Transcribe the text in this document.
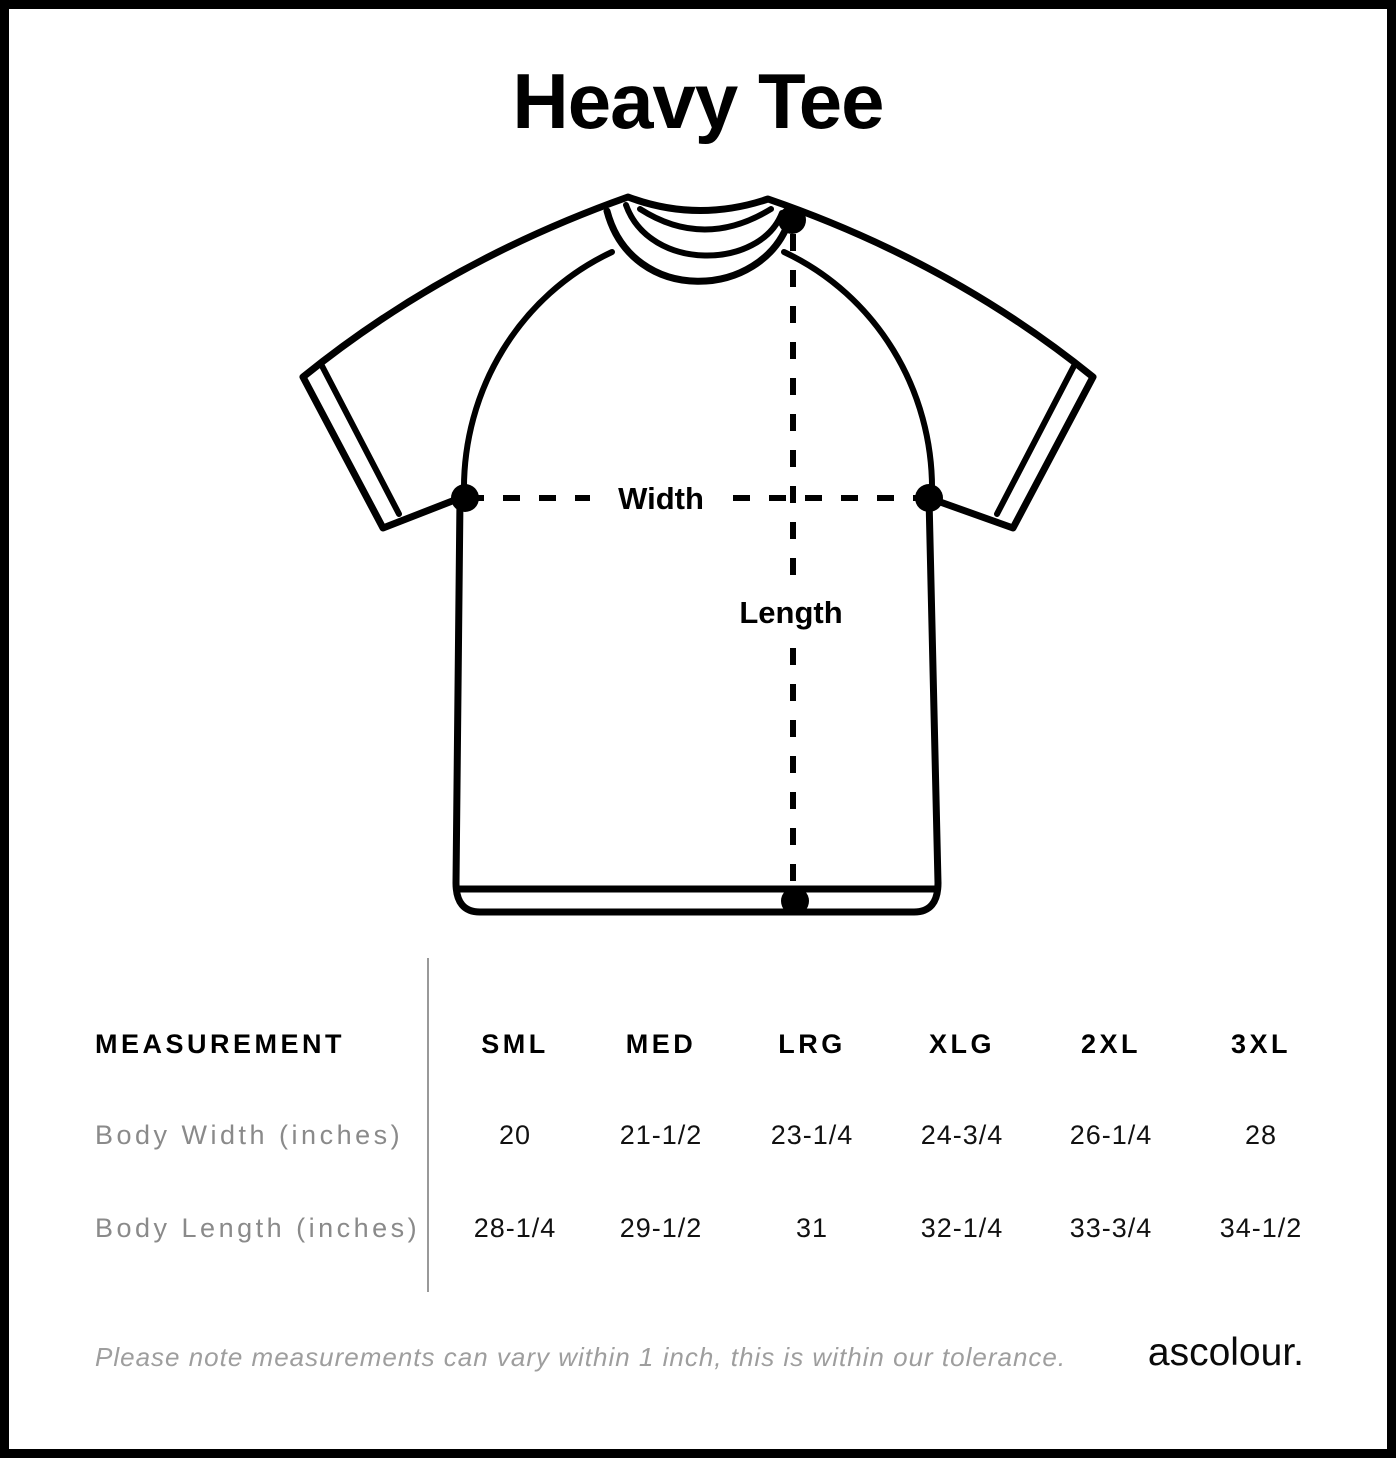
Heavy Tee
Width
Length
MEASUREMENT	SML	MED	LRG	XLG	2XL	3XL
Body Width (inches)	20	21-1/2	23-1/4	24-3/4	26-1/4	28
Body Length (inches)	28-1/4	29-1/2	31	32-1/4	33-3/4	34-1/2
Please note measurements can vary within 1 inch, this is within our tolerance. ascolour.
